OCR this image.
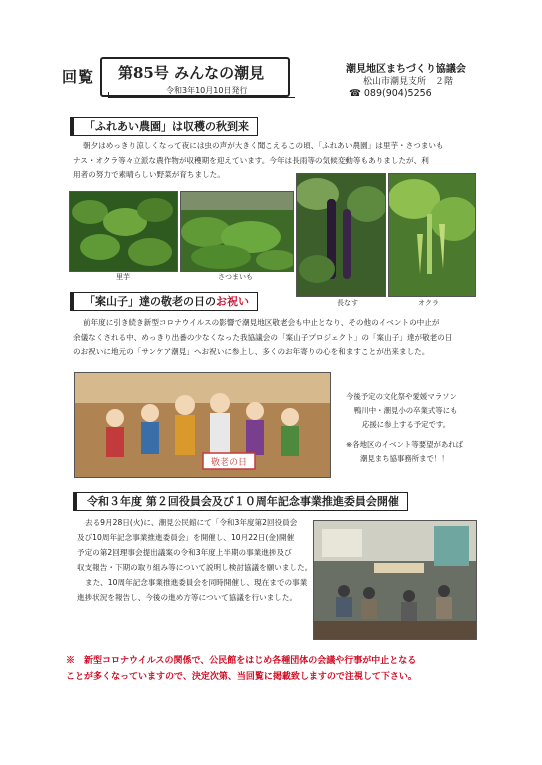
回覧 第85号 みんなの潮見
令和3年10月10日発行
潮見地区まちづくり協議会
松山市潮見支所　２階
☎ 089(904)5256
「ふれあい農園」は収穫の秋到来
朝夕はめっきり涼しくなって夜には虫の声が大きく聞こえるこの頃、「ふれあい農園」は里芋・さつまいも
ナス・オクラ等々立派な農作物が収穫期を迎えています。今年は長雨等の気候変動等もありましたが、利
用者の努力で素晴らしい野菜が育ちました。
里芋	さつまいも
長なす	オクラ
「案山子」達の敬老の日のお祝い
前年度に引き続き新型コロナウイルスの影響で潮見地区敬老会も中止となり、その他のイベントの中止が
余儀なくされる中、めっきり出番の少なくなった我協議会の「案山子プロジェクト」の「案山子」達が敬老の日
のお祝いに地元の「サンケア潮見」へお祝いに参上し、多くのお年寄りの心を和ますことが出来ました。
敬老の日
今後予定の文化祭や愛媛マラソン
鴨川中・潮見小の卒業式等にも
応援に参上する予定です。
※各地区のイベント等要望があれば
潮見まち協事務所まで！！
令和３年度 第２回役員会及び１０周年記念事業推進委員会開催
去る9月28日(火)に、潮見公民館にて「令和3年度第2回役員会
及び10周年記念事業推進委員会」を開催し、10月22日(金)開催
予定の第2回理事会提出議案の令和3年度上半期の事業進捗及び
収支報告・下期の取り組み等について説明し検討協議を願いました。
また、10周年記念事業推進委員会を同時開催し、現在までの事業
進捗状況を報告し、今後の進め方等について協議を行いました。
※　新型コロナウイルスの関係で、公民館をはじめ各種団体の会議や行事が中止となる
ことが多くなっていますので、決定次第、当回覧に掲載致しますので注視して下さい。
